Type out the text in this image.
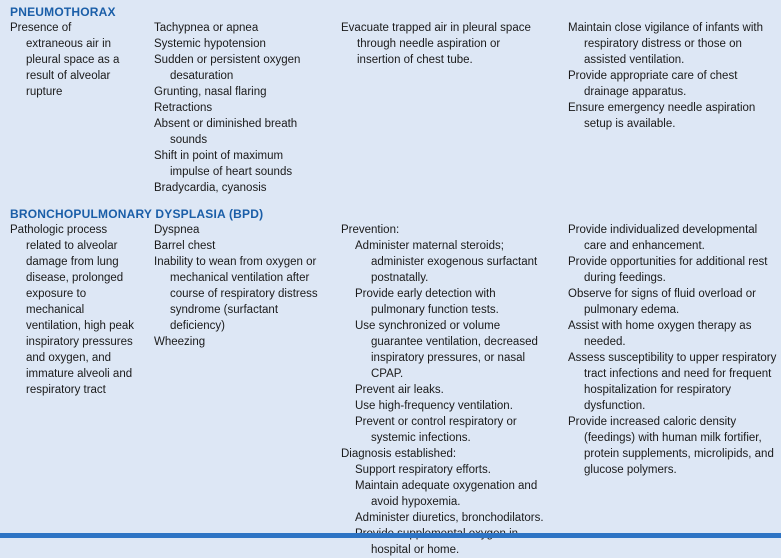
PNEUMOTHORAX

Presence of extraneous air in pleural space as a result of alveolar rupture

Tachypnea or apnea

Systemic hypotension

Sudden or persistent oxygen desaturation

Grunting, nasal flaring

Retractions

Absent or diminished breath sounds

Shift in point of maximum impulse of heart sounds

Bradycardia, cyanosis

Evacuate trapped air in pleural space through needle aspiration or insertion of chest tube.

Maintain close vigilance of infants with respiratory distress or those on assisted ventilation.

Provide appropriate care of chest drainage apparatus.

Ensure emergency needle aspiration setup is available.

BRONCHOPULMONARY DYSPLASIA (BPD)

Pathologic process related to alveolar damage from lung disease, prolonged exposure to mechanical ventilation, high peak inspiratory pressures and oxygen, and immature alveoli and respiratory tract

Dyspnea

Barrel chest

Inability to wean from oxygen or mechanical ventilation after course of respiratory distress syndrome (surfactant deficiency)

Wheezing

Prevention:

Administer maternal steroids; administer exogenous surfactant postnatally.

Provide early detection with pulmonary function tests.

Use synchronized or volume guarantee ventilation, decreased inspiratory pressures, or nasal CPAP.

Prevent air leaks.

Use high-frequency ventilation.

Prevent or control respiratory or systemic infections.

Diagnosis established:

Support respiratory efforts.

Maintain adequate oxygenation and avoid hypoxemia.

Administer diuretics, bronchodilators.

hospital or home.

Provide individualized developmental care and enhancement.

Provide opportunities for additional rest during feedings.

Observe for signs of fluid overload or pulmonary edema.

Assist with home oxygen therapy as needed.

Assess susceptibility to upper respiratory tract infections and need for frequent hospitalization for respiratory dysfunction.

Provide increased caloric density (feedings) with human milk fortifier, protein supplements, microlipids, and glucose polymers.
